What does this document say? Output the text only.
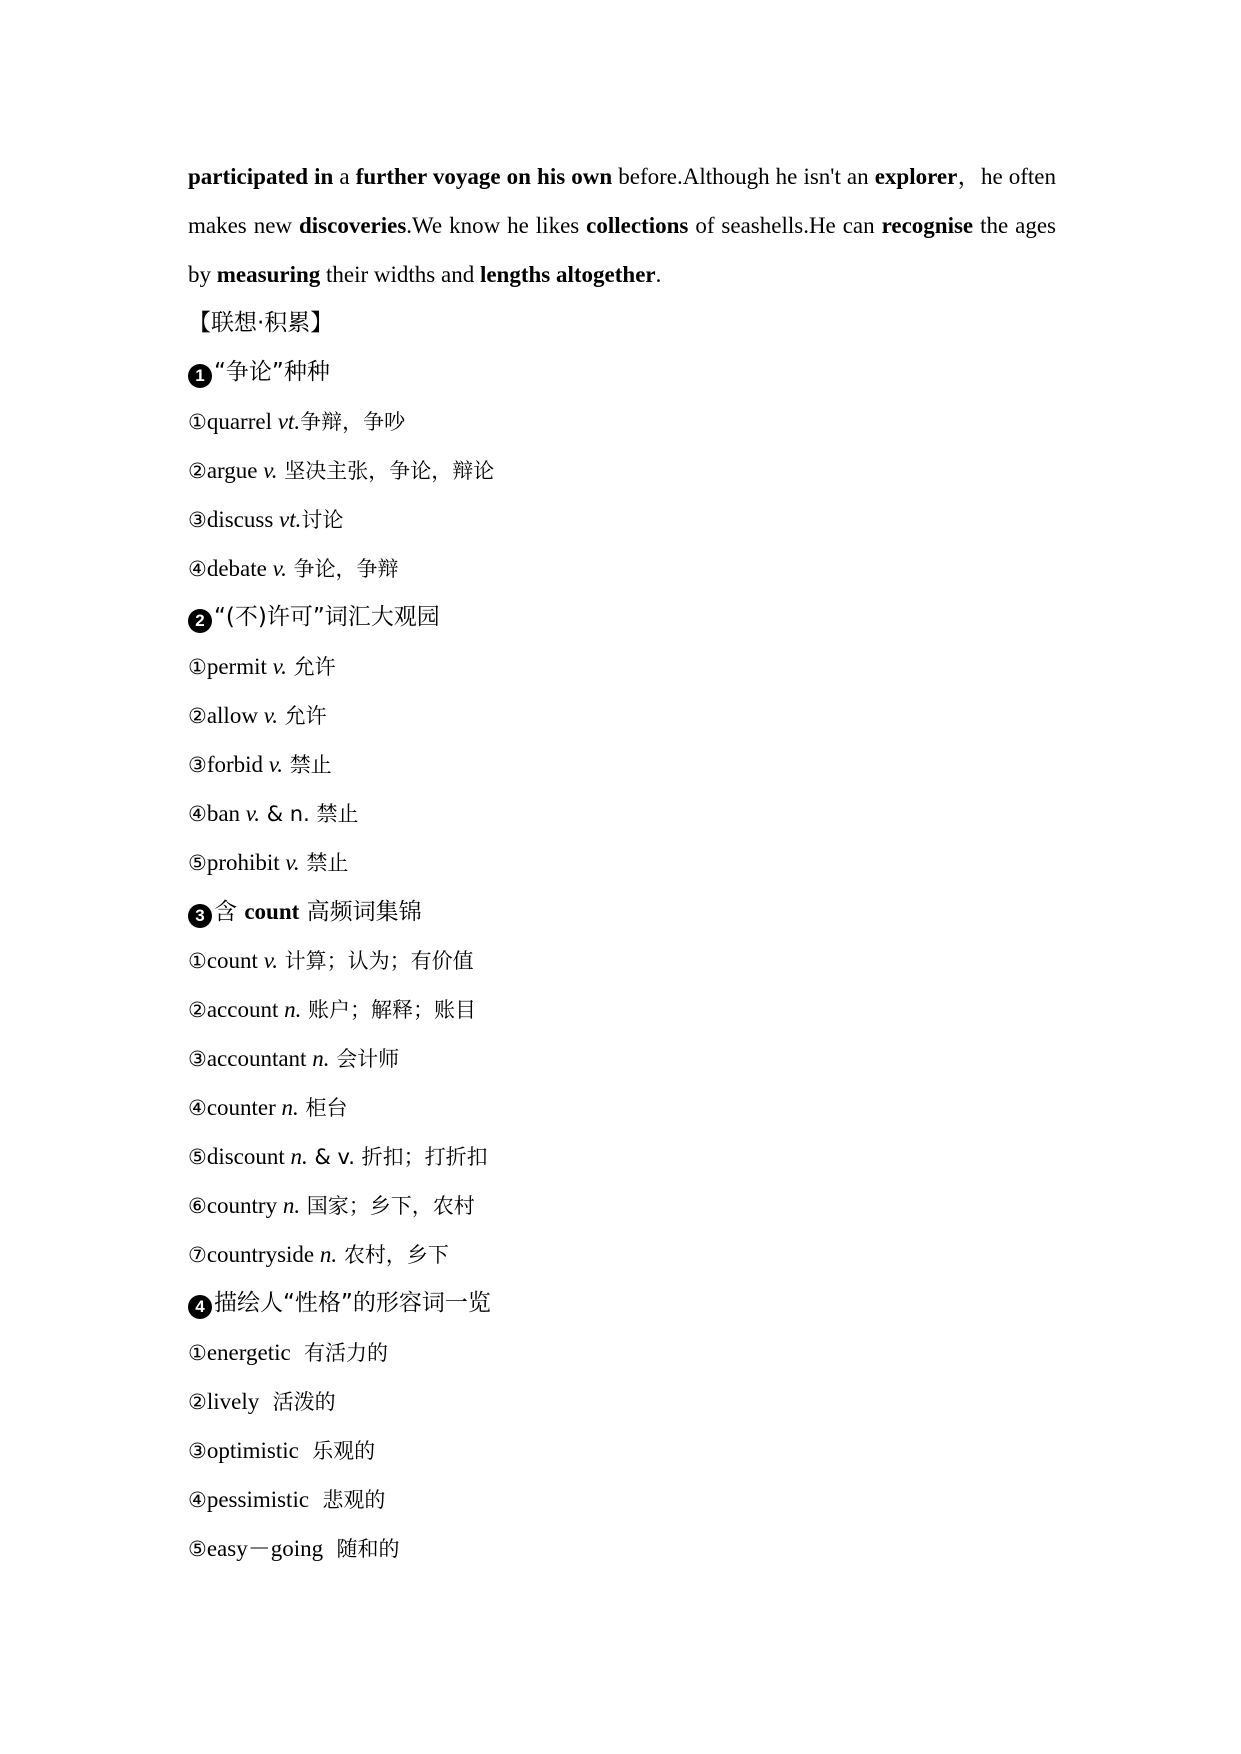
participated in a further voyage on his own before.Although he isn't an explorer，he often makes new discoveries.We know he likes collections of seashells.He can recognise the ages by measuring their widths and lengths altogether.
【联想·积累】
1 “争论”种种
①quarrel vt.争辩，争吵
②argue v. 坚决主张，争论，辩论
③discuss vt.讨论
④debate v. 争论，争辩
2 “(不)许可”词汇大观园
①permit v. 允许
②allow v. 允许
③forbid v. 禁止
④ban v. & n. 禁止
⑤prohibit v. 禁止
3 含 count 高频词集锦
①count v. 计算；认为；有价值
②account n. 账户；解释；账目
③accountant n. 会计师
④counter n. 柜台
⑤discount n. & v. 折扣；打折扣
⑥country n. 国家；乡下，农村
⑦countryside n. 农村，乡下
4 描绘人“性格”的形容词一览
①energetic  有活力的
②lively  活泼的
③optimistic  乐观的
④pessimistic  悲观的
⑤easy－going  随和的
